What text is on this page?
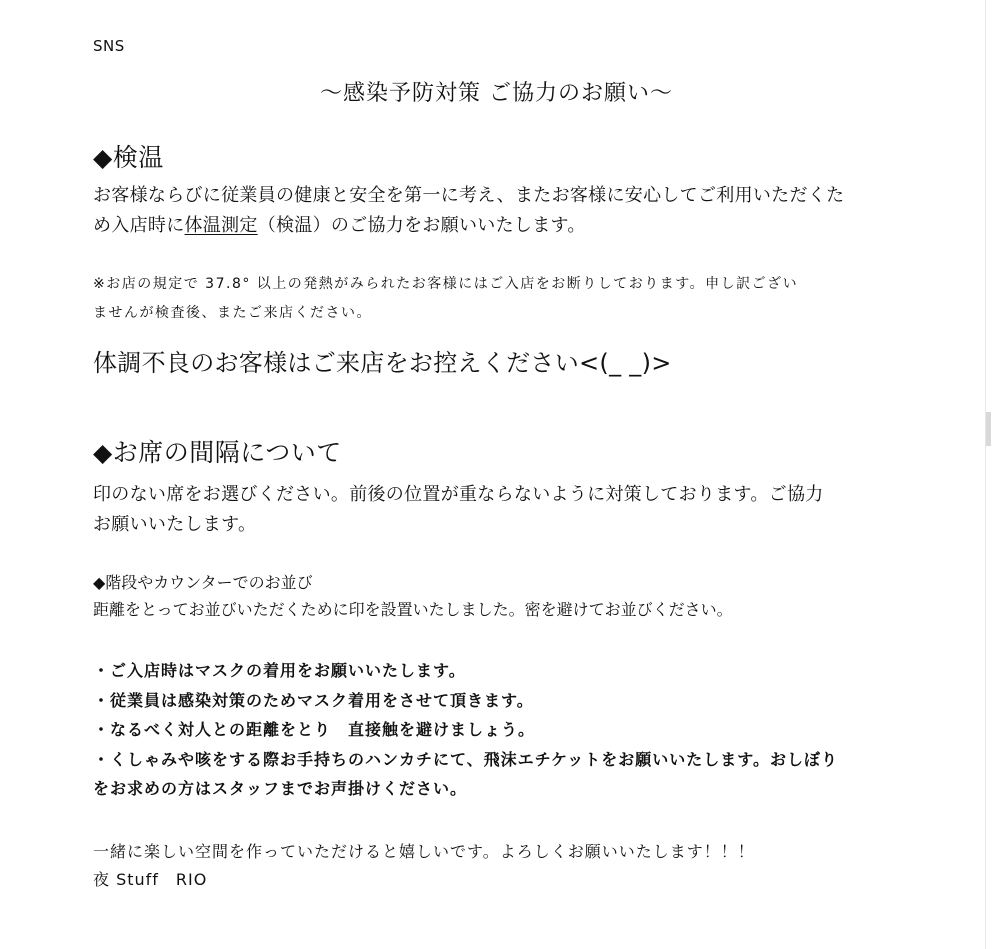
SNS
～感染予防対策 ご協力のお願い～
◆検温
お客様ならびに従業員の健康と安全を第一に考え、またお客様に安心してご利用いただくた
め入店時に体温測定（検温）のご協力をお願いいたします。
※お店の規定で 37.8° 以上の発熱がみられたお客様にはご入店をお断りしております。申し訳ござい
ませんが検査後、またご来店ください。
体調不良のお客様はご来店をお控えください<(_ _)>
◆お席の間隔について
印のない席をお選びください。前後の位置が重ならないように対策しております。ご協力
お願いいたします。
◆階段やカウンターでのお並び
距離をとってお並びいただくために印を設置いたしました。密を避けてお並びください。
・ご入店時はマスクの着用をお願いいたします。
・従業員は感染対策のためマスク着用をさせて頂きます。
・なるべく対人との距離をとり　直接触を避けましょう。
・くしゃみや咳をする際お手持ちのハンカチにて、飛沫エチケットをお願いいたします。おしぼり
をお求めの方はスタッフまでお声掛けください。
一緒に楽しい空間を作っていただけると嬉しいです。よろしくお願いいたします！！！
夜 Stuff　RIO
